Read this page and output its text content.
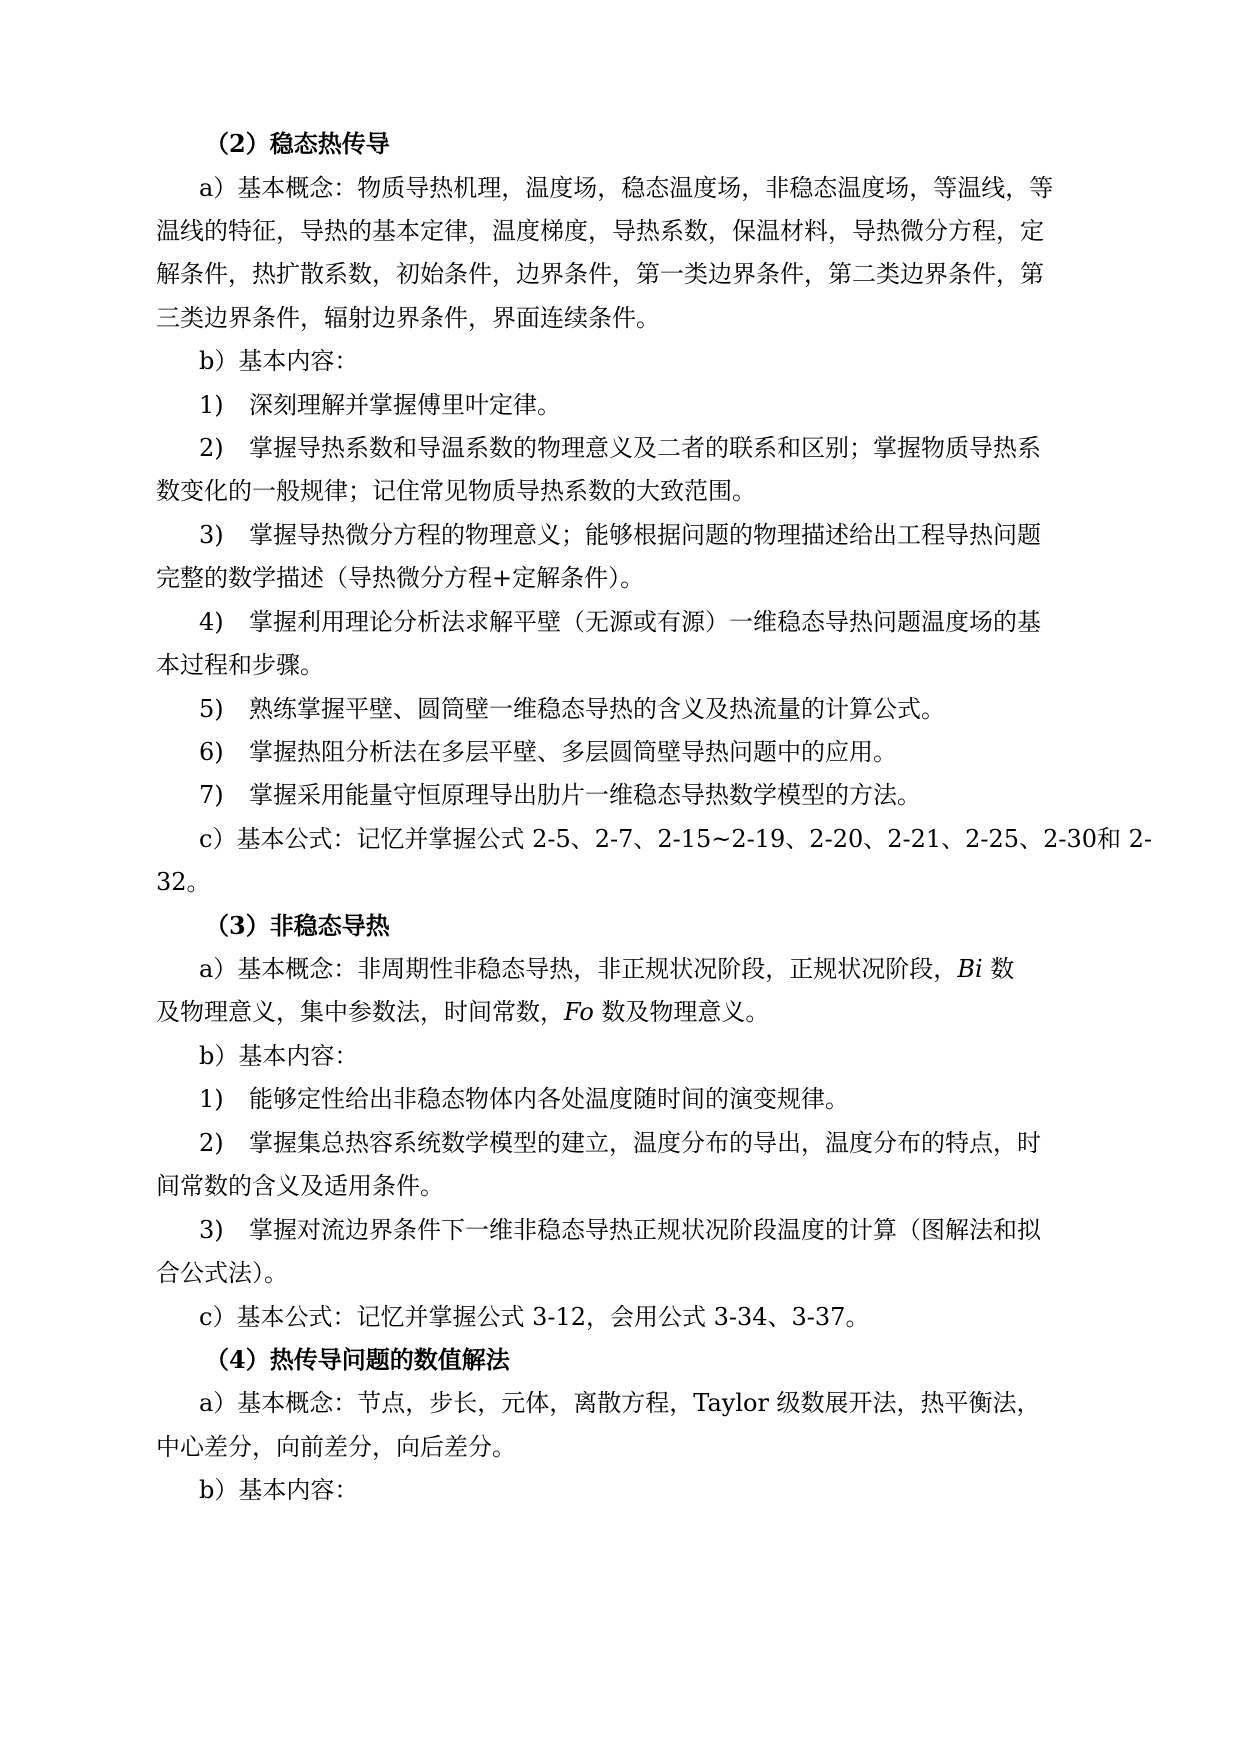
（2）稳态热传导
a）基本概念：物质导热机理，温度场，稳态温度场，非稳态温度场，等温线，等
温线的特征，导热的基本定律，温度梯度，导热系数，保温材料，导热微分方程，定
解条件，热扩散系数，初始条件，边界条件，第一类边界条件，第二类边界条件，第
三类边界条件，辐射边界条件，界面连续条件。
b）基本内容：
1) 深刻理解并掌握傅里叶定律。
2) 掌握导热系数和导温系数的物理意义及二者的联系和区别；掌握物质导热系
数变化的一般规律；记住常见物质导热系数的大致范围。
3) 掌握导热微分方程的物理意义；能够根据问题的物理描述给出工程导热问题
完整的数学描述（导热微分方程+定解条件）。
4) 掌握利用理论分析法求解平壁（无源或有源）一维稳态导热问题温度场的基
本过程和步骤。
5) 熟练掌握平壁、圆筒壁一维稳态导热的含义及热流量的计算公式。
6) 掌握热阻分析法在多层平壁、多层圆筒壁导热问题中的应用。
7) 掌握采用能量守恒原理导出肋片一维稳态导热数学模型的方法。
c）基本公式：记忆并掌握公式 2-5、2-7、2-15~2-19、2-20、2-21、2-25、2-30和 2-
32。
（3）非稳态导热
a）基本概念：非周期性非稳态导热，非正规状况阶段，正规状况阶段，Bi 数
及物理意义，集中参数法，时间常数，Fo 数及物理意义。
b）基本内容：
1) 能够定性给出非稳态物体内各处温度随时间的演变规律。
2) 掌握集总热容系统数学模型的建立，温度分布的导出，温度分布的特点，时
间常数的含义及适用条件。
3) 掌握对流边界条件下一维非稳态导热正规状况阶段温度的计算（图解法和拟
合公式法）。
c）基本公式：记忆并掌握公式 3-12，会用公式 3-34、3-37。
（4）热传导问题的数值解法
a）基本概念：节点，步长，元体，离散方程，Taylor 级数展开法，热平衡法，
中心差分，向前差分，向后差分。
b）基本内容：
